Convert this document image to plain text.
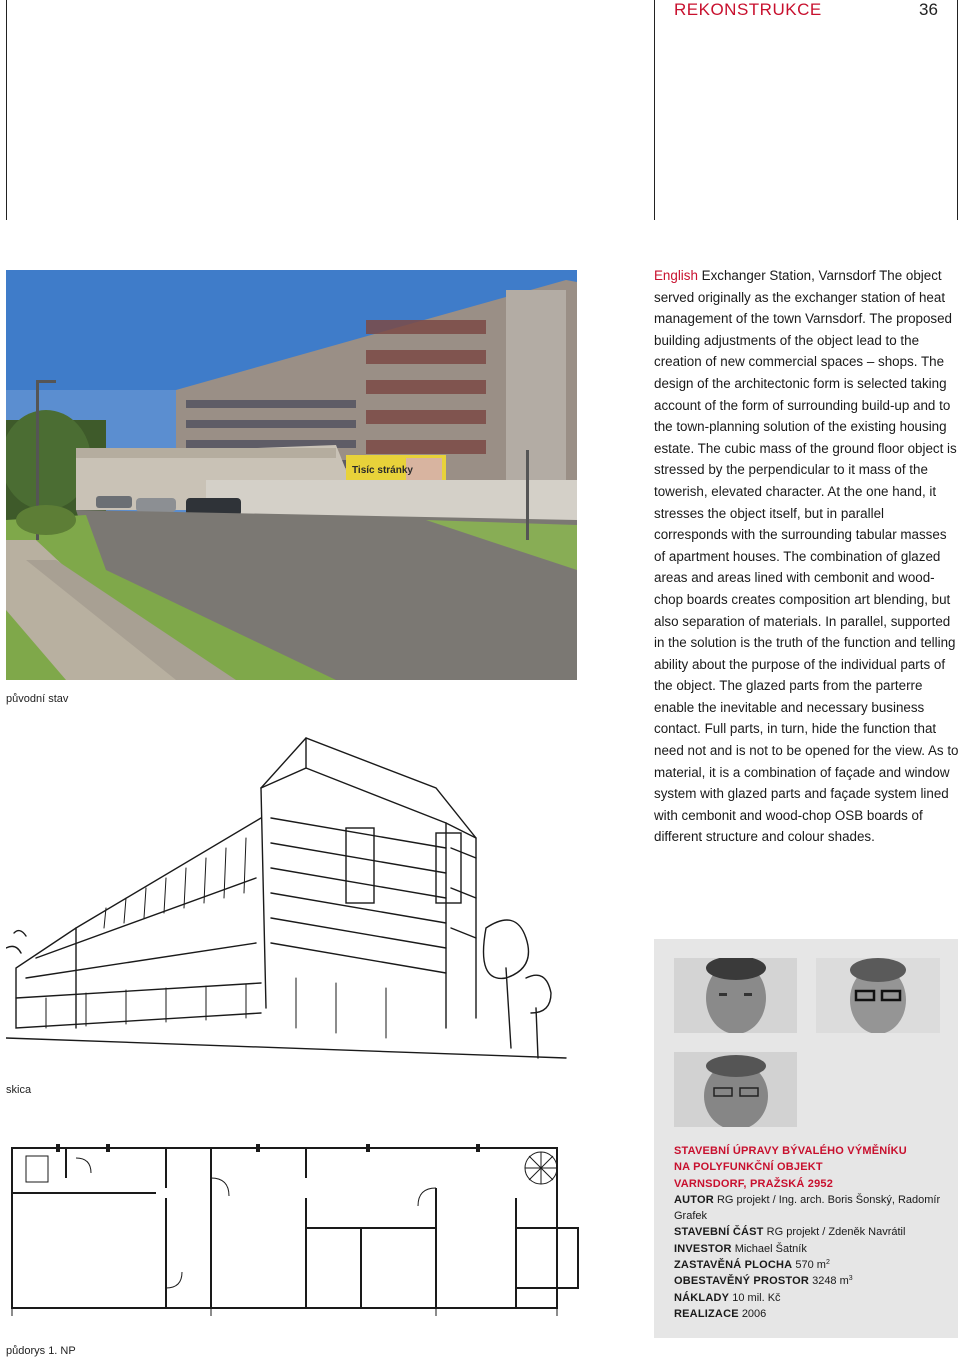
REKONSTRUKCE	36
Tisíc stránky
původní stav
skica
půdorys 1. NP
English Exchanger Station, Varnsdorf The object served originally as the exchanger station of heat management of the town Varnsdorf. The proposed building adjustments of the object lead to the creation of new commercial spaces – shops. The design of the architectonic form is selected taking account of the form of surrounding build-up and to the town-planning solution of the existing housing estate. The cubic mass of the ground floor object is stressed by the perpendicular to it mass of the towerish, elevated character. At the one hand, it stresses the object itself, but in parallel corresponds with the surrounding tabular masses of apartment houses. The combination of glazed areas and areas lined with cembonit and wood-chop boards creates composition art blending, but also separation of materials. In parallel, supported in the solution is the truth of the function and telling ability about the purpose of the individual parts of the object. The glazed parts from the parterre enable the inevitable and necessary business contact. Full parts, in turn, hide the function that need not and is not to be opened for the view. As to material, it is a combination of façade and window system with glazed parts and façade system lined with cembonit and wood-chop OSB boards of different structure and colour shades.
STAVEBNÍ ÚPRAVY BÝVALÉHO VÝMĚNÍKU
NA POLYFUNKČNÍ OBJEKT
VARNSDORF, PRAŽSKÁ 2952
AUTOR RG projekt / Ing. arch. Boris Šonský, Radomír Grafek
STAVEBNÍ ČÁST RG projekt / Zdeněk Navrátil
INVESTOR Michael Šatník
ZASTAVĚNÁ PLOCHA 570 $m^2$
OBESTAVĚNÝ PROSTOR 3248 $m^3$
NÁKLADY 10 mil. Kč
REALIZACE 2006
